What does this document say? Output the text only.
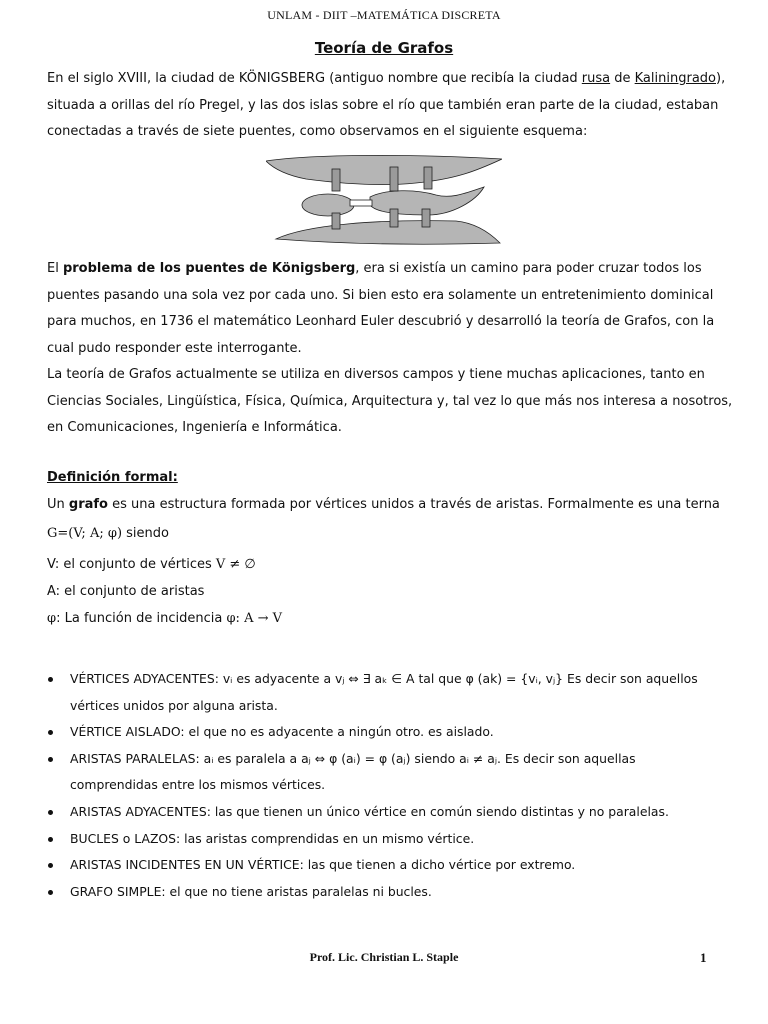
UNLAM - DIIT –MATEMÁTICA DISCRETA
Teoría de Grafos
En el siglo XVIII, la ciudad de KÖNIGSBERG (antiguo nombre que recibía la ciudad rusa de Kaliningrado), situada a orillas del río Pregel, y las dos islas sobre el río que también eran parte de la ciudad, estaban conectadas a través de siete puentes, como observamos en el siguiente esquema:
El problema de los puentes de Königsberg, era si existía un camino para poder cruzar todos los puentes pasando una sola vez por cada uno. Si bien esto era solamente un entretenimiento dominical para muchos, en 1736 el matemático Leonhard Euler descubrió y desarrolló la teoría de Grafos, con la cual pudo responder este interrogante.
La teoría de Grafos actualmente se utiliza en diversos campos y tiene muchas aplicaciones, tanto en Ciencias Sociales, Lingüística, Física, Química, Arquitectura y, tal vez lo que más nos interesa a nosotros, en Comunicaciones, Ingeniería e Informática.
Definición formal:
Un grafo es una estructura formada por vértices unidos a través de aristas. Formalmente es una terna
G=(V; A; φ) siendo
V: el conjunto de vértices V ≠ ∅
A: el conjunto de aristas
φ: La función de incidencia φ: A → V
VÉRTICES ADYACENTES: vᵢ es adyacente a vⱼ ⇔ ∃ aₖ ∈ A tal que φ (ak) = {vᵢ, vⱼ} Es decir son aquellos
vértices unidos por alguna arista.
VÉRTICE AISLADO: el que no es adyacente a ningún otro. es aislado.
ARISTAS PARALELAS: aᵢ es paralela a aⱼ ⇔ φ (aᵢ) = φ (aⱼ) siendo aᵢ ≠ aⱼ. Es decir son aquellas
comprendidas entre los mismos vértices.
ARISTAS ADYACENTES: las que tienen un único vértice en común siendo distintas y no paralelas.
BUCLES o LAZOS: las aristas comprendidas en un mismo vértice.
ARISTAS INCIDENTES EN UN VÉRTICE: las que tienen a dicho vértice por extremo.
GRAFO SIMPLE: el que no tiene aristas paralelas ni bucles.
Prof. Lic. Christian L. Staple	1
